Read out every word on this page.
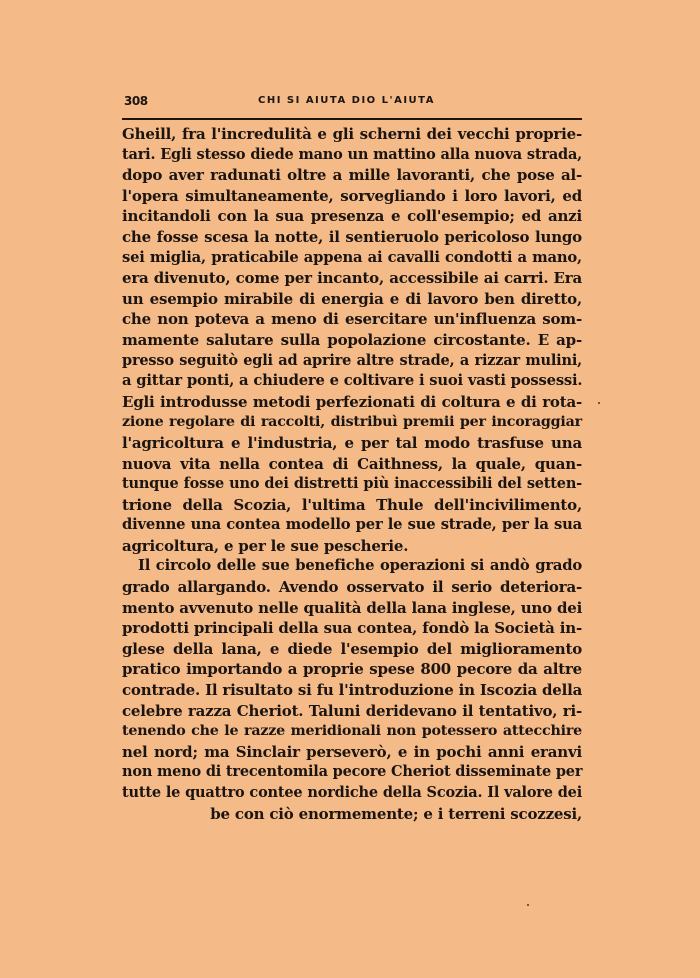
308	CHI SI AIUTA DIO L'AIUTA
Gheill, fra l'incredulità e gli scherni dei vecchi proprie-
tari. Egli stesso diede mano un mattino alla nuova strada,
dopo aver radunati oltre a mille lavoranti, che pose al-
l'opera simultaneamente, sorvegliando i loro lavori, ed
incitandoli con la sua presenza e coll'esempio; ed anzi
che fosse scesa la notte, il sentieruolo pericoloso lungo
sei miglia, praticabile appena ai cavalli condotti a mano,
era divenuto, come per incanto, accessibile ai carri. Era
un esempio mirabile di energia e di lavoro ben diretto,
che non poteva a meno di esercitare un'influenza som-
mamente salutare sulla popolazione circostante. E ap-
presso seguitò egli ad aprire altre strade, a rizzar mulini,
a gittar ponti, a chiudere e coltivare i suoi vasti possessi.
Egli introdusse metodi perfezionati di coltura e di rota-
zione regolare di raccolti, distribuì premii per incoraggiar
l'agricoltura e l'industria, e per tal modo trasfuse una
nuova vita nella contea di Caithness, la quale, quan-
tunque fosse uno dei distretti più inaccessibili del setten-
trione della Scozia, l'ultima Thule dell'incivilimento,
divenne una contea modello per le sue strade, per la sua
agricoltura, e per le sue pescherie.
Il circolo delle sue benefiche operazioni si andò grado
grado allargando. Avendo osservato il serio deteriora-
mento avvenuto nelle qualità della lana inglese, uno dei
prodotti principali della sua contea, fondò la Società in-
glese della lana, e diede l'esempio del miglioramento
pratico importando a proprie spese 800 pecore da altre
contrade. Il risultato si fu l'introduzione in Iscozia della
celebre razza Cheriot. Taluni deridevano il tentativo, ri-
tenendo che le razze meridionali non potessero attecchire
nel nord; ma Sinclair perseverò, e in pochi anni eranvi
non meno di trecentomila pecore Cheriot disseminate per
tutte le quattro contee nordiche della Scozia. Il valore dei
be con ciò enormemente; e i terreni scozzesi,
